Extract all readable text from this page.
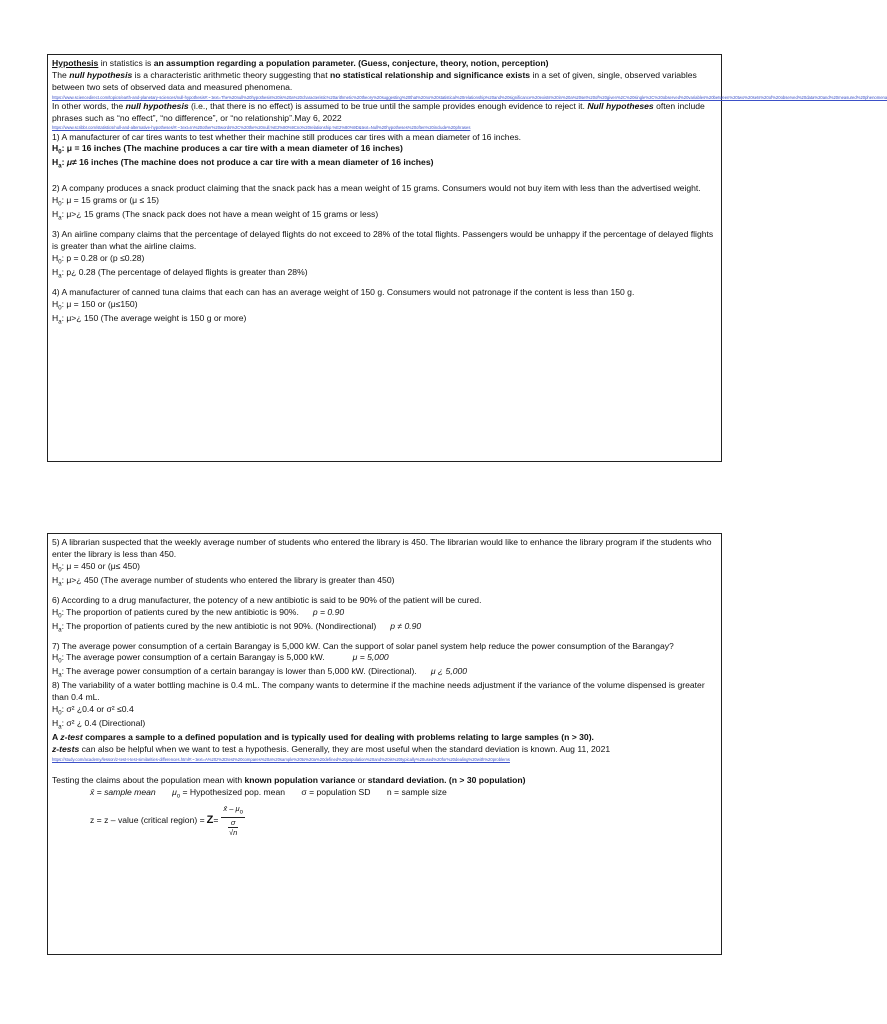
Hypothesis in statistics is an assumption regarding a population parameter. (Guess, conjecture, theory, notion, perception)

The null hypothesis is a characteristic arithmetic theory suggesting that no statistical relationship and significance exists in a set of given, single, observed variables between two sets of observed data and measured phenomena.

https://www.sciencedirect.com/topics/earth-and-planetary-sciences/null-hypothesis#:~:text=The%20null%20hypothesis%20is%20a%20characteristic%20arithmetic%20theory%20suggesting%20that%20no%20statistical%20relationship%20and%20significance%20exists%20in%20a%20set%20of%20given%2C%20single%2C%20observed%20variables%20between%20two%20sets%20of%20observed%20data%20and%20measured%20phenomena

In other words, the null hypothesis (i.e., that there is no effect) is assumed to be true until the sample provides enough evidence to reject it. Null hypotheses often include phrases such as “no effect”, “no difference”, or “no relationship”.May 6, 2022

https://www.scribbr.com/statistics/null-and-alternative-hypotheses/#:~:text=In%20other%20words%2C%20the%20null,%E2%80%9Cno%20relationship.%E2%80%9D&text=Null%20hypotheses%20often%20include%20phrases

1) A manufacturer of car tires wants to test whether their machine still produces car tires with a mean diameter of 16 inches.

$H_0$: μ = 16 inches (The machine produces a car tire with a mean diameter of 16 inches)

$H_a$: μ≠ 16 inches (The machine does not produce a car tire with a mean diameter of 16 inches)

2) A company produces a snack product claiming that the snack pack has a mean weight of 15 grams. Consumers would not buy item with less than the advertised weight.

$H_0$: μ = 15 grams or (μ ≤ 15)

$H_a$: μ>¿ 15 grams (The snack pack does not have a mean weight of 15 grams or less)

3) An airline company claims that the percentage of delayed flights do not exceed to 28% of the total flights. Passengers would be unhappy if the percentage of delayed flights is greater than what the airline claims.

$H_0$: p = 0.28 or (p ≤0.28)

$H_a$: p¿ 0.28 (The percentage of delayed flights is greater than 28%)

4) A manufacturer of canned tuna claims that each can has an average weight of 150 g. Consumers would not patronage if the content is less than 150 g.

$H_0$: μ = 150 or (μ≤150)

$H_a$: μ>¿ 150 (The average weight is 150 g or more)

5) A librarian suspected that the weekly average number of students who entered the library is 450. The librarian would like to enhance the library program if the students who enter the library is less than 450.

$H_0$: μ = 450 or (μ≤ 450)

$H_a$: μ>¿ 450 (The average number of students who entered the library is greater than 450)

6) According to a drug manufacturer, the potency of a new antibiotic is said to be 90% of the patient will be cured.

$H_0$: The proportion of patients cured by the new antibiotic is 90%. p = 0.90

$H_a$: The proportion of patients cured by the new antibiotic is not 90%. (Nondirectional) p ≠ 0.90

7) The average power consumption of a certain Barangay is 5,000 kW. Can the support of solar panel system help reduce the power consumption of the Barangay?

$H_0$: The average power consumption of a certain Barangay is 5,000 kW.	μ = 5,000

$H_a$: The average power consumption of a certain barangay is lower than 5,000 kW. (Directional). μ ¿ 5,000

8) The variability of a water bottling machine is 0.4 mL. The company wants to determine if the machine needs adjustment if the variance of the volume dispensed is greater than 0.4 mL.

$H_0$: σ² ¿0.4 or σ² ≤0.4

$H_a$: σ² ¿ 0.4 (Directional)

A z-test compares a sample to a defined population and is typically used for dealing with problems relating to large samples (n > 30).

z-tests can also be helpful when we want to test a hypothesis. Generally, they are most useful when the standard deviation is known. Aug 11, 2021

https://study.com/academy/lesson/z-test-t-test-similarities-differences.html#:~:text=A%20z%2Dtest%20compares%20a%20sample%20to%20a%20defined%20population%20and%20is%20typically%20used%20for%20dealing%20with%20problems

Testing the claims about the population mean with known population variance or standard deviation. (n > 30 population)

x̄ = sample mean $\mu_o$ = Hypothesized pop. mean σ = population SD n = sample size

z = z – value (critical region) = Z =
x̄ – $\mu_o$
σ
√n
